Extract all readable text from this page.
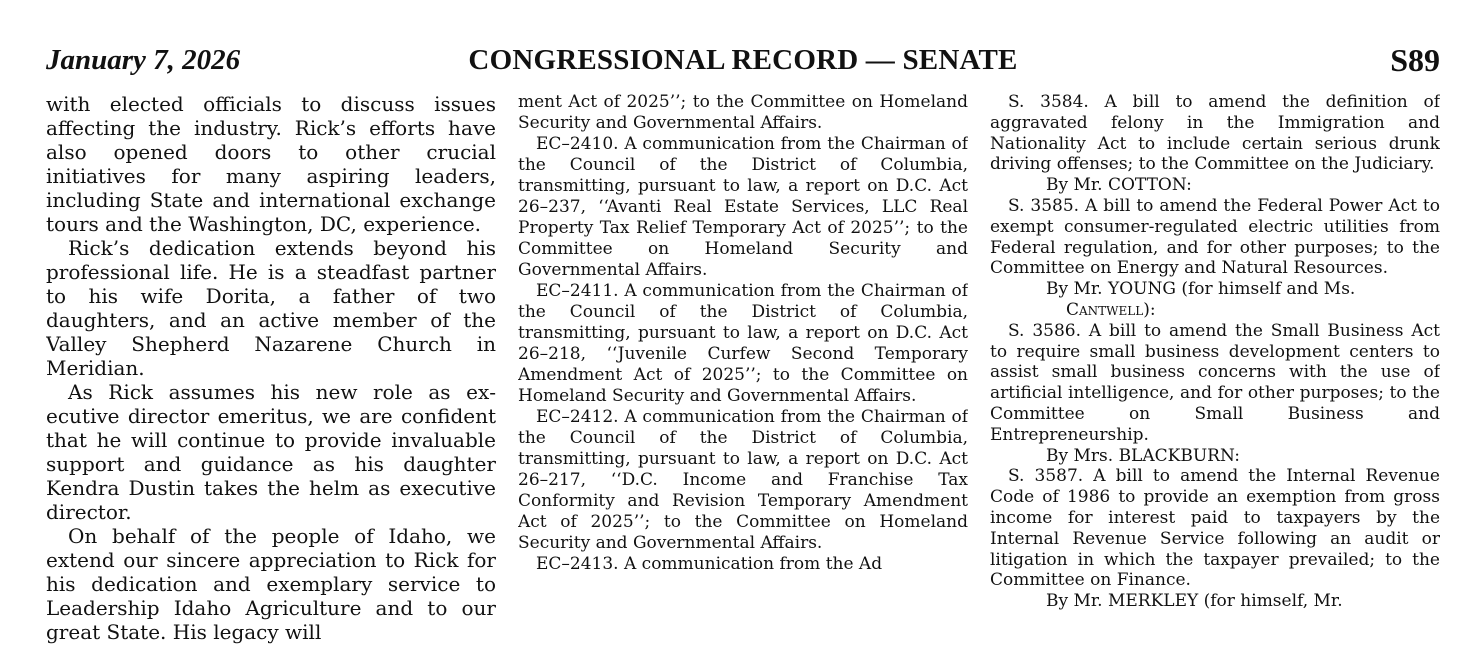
January 7, 2026	CONGRESSIONAL RECORD — SENATE	S89

with elected officials to discuss issues affecting the industry. Rick’s efforts have also opened doors to other crucial initiatives for many aspiring leaders, including State and international exchange tours and the Washington, DC, experience.

Rick’s dedication extends beyond his professional life. He is a steadfast partner to his wife Dorita, a father of two daughters, and an active member of the Valley Shepherd Nazarene Church in Meridian.

As Rick assumes his new role as executive director emeritus, we are confident that he will continue to provide invaluable support and guidance as his daughter Kendra Dustin takes the helm as executive director.

On behalf of the people of Idaho, we extend our sincere appreciation to Rick for his dedication and exemplary service to Leadership Idaho Agriculture and to our great State. His legacy will

ment Act of 2025’’; to the Committee on Homeland Security and Governmental Affairs.

EC–2410. A communication from the Chairman of the Council of the District of Columbia, transmitting, pursuant to law, a report on D.C. Act 26–237, ‘‘Avanti Real Estate Services, LLC Real Property Tax Relief Temporary Act of 2025’’; to the Committee on Homeland Security and Governmental Affairs.

EC–2411. A communication from the Chairman of the Council of the District of Columbia, transmitting, pursuant to law, a report on D.C. Act 26–218, ‘‘Juvenile Curfew Second Temporary Amendment Act of 2025’’; to the Committee on Homeland Security and Governmental Affairs.

EC–2412. A communication from the Chairman of the Council of the District of Columbia, transmitting, pursuant to law, a report on D.C. Act 26–217, ‘‘D.C. Income and Franchise Tax Conformity and Revision Temporary Amendment Act of 2025’’; to the Committee on Homeland Security and Governmental Affairs.

EC–2413. A communication from the Ad

S. 3584. A bill to amend the definition of aggravated felony in the Immigration and Nationality Act to include certain serious drunk driving offenses; to the Committee on the Judiciary.

By Mr. COTTON:

S. 3585. A bill to amend the Federal Power Act to exempt consumer-regulated electric utilities from Federal regulation, and for other purposes; to the Committee on Energy and Natural Resources.

By Mr. YOUNG (for himself and Ms. Cantwell):

S. 3586. A bill to amend the Small Business Act to require small business development centers to assist small business concerns with the use of artificial intelligence, and for other purposes; to the Committee on Small Business and Entrepreneurship.

By Mrs. BLACKBURN:

S. 3587. A bill to amend the Internal Revenue Code of 1986 to provide an exemption from gross income for interest paid to taxpayers by the Internal Revenue Service following an audit or litigation in which the taxpayer prevailed; to the Committee on Finance.

By Mr. MERKLEY (for himself, Mr.
